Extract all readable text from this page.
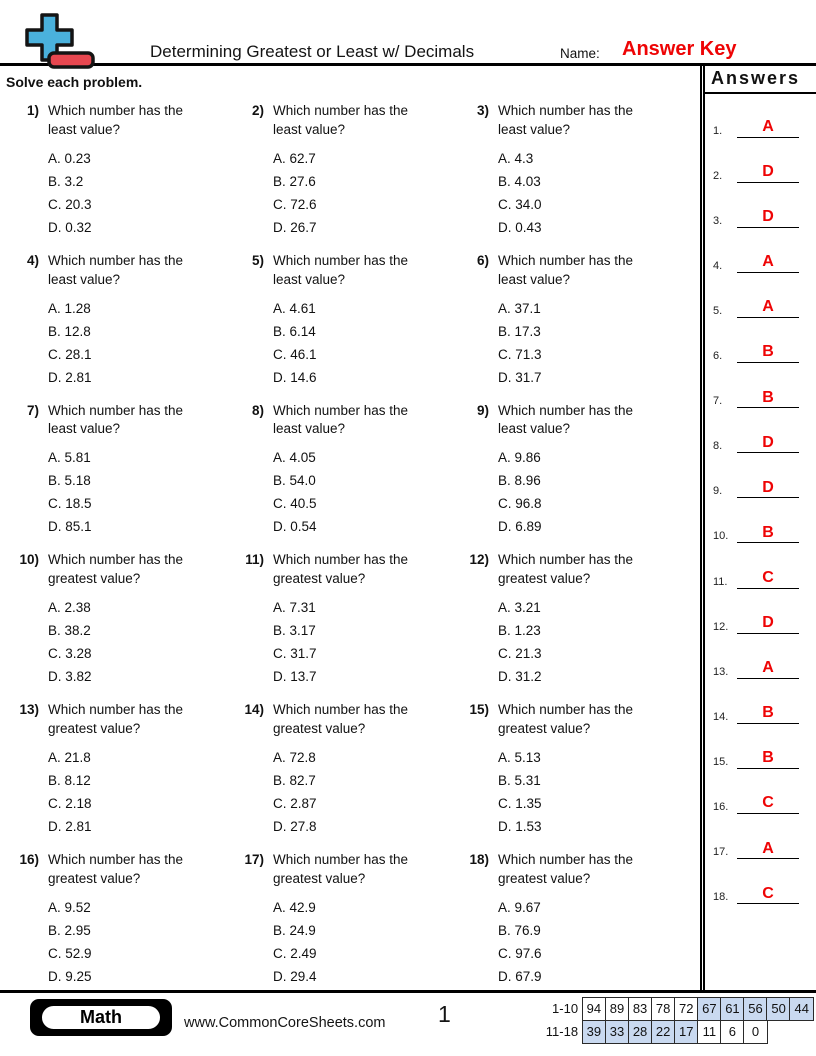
Determining Greatest or Least w/ Decimals	Name: Answer Key
Solve each problem.
1) Which number has the least value?
A. 0.23
B. 3.2
C. 20.3
D. 0.32
2) Which number has the least value?
A. 62.7
B. 27.6
C. 72.6
D. 26.7
3) Which number has the least value?
A. 4.3
B. 4.03
C. 34.0
D. 0.43
4) Which number has the least value?
A. 1.28
B. 12.8
C. 28.1
D. 2.81
5) Which number has the least value?
A. 4.61
B. 6.14
C. 46.1
D. 14.6
6) Which number has the least value?
A. 37.1
B. 17.3
C. 71.3
D. 31.7
7) Which number has the least value?
A. 5.81
B. 5.18
C. 18.5
D. 85.1
8) Which number has the least value?
A. 4.05
B. 54.0
C. 40.5
D. 0.54
9) Which number has the least value?
A. 9.86
B. 8.96
C. 96.8
D. 6.89
10) Which number has the greatest value?
A. 2.38
B. 38.2
C. 3.28
D. 3.82
11) Which number has the greatest value?
A. 7.31
B. 3.17
C. 31.7
D. 13.7
12) Which number has the greatest value?
A. 3.21
B. 1.23
C. 21.3
D. 31.2
13) Which number has the greatest value?
A. 21.8
B. 8.12
C. 2.18
D. 2.81
14) Which number has the greatest value?
A. 72.8
B. 82.7
C. 2.87
D. 27.8
15) Which number has the greatest value?
A. 5.13
B. 5.31
C. 1.35
D. 1.53
16) Which number has the greatest value?
A. 9.52
B. 2.95
C. 52.9
D. 9.25
17) Which number has the greatest value?
A. 42.9
B. 24.9
C. 2.49
D. 29.4
18) Which number has the greatest value?
A. 9.67
B. 76.9
C. 97.6
D. 67.9
Answers
1.	A
2.	D
3.	D
4.	A
5.	A
6.	B
7.	B
8.	D
9.	D
10.	B
11.	C
12.	D
13.	A
14.	B
15.	B
16.	C
17.	A
18.	C
Math	www.CommonCoreSheets.com 1	1-10 94 89 83 78 72 67 61 56 50 44
11-18 39 33 28 22 17 11 6	0
